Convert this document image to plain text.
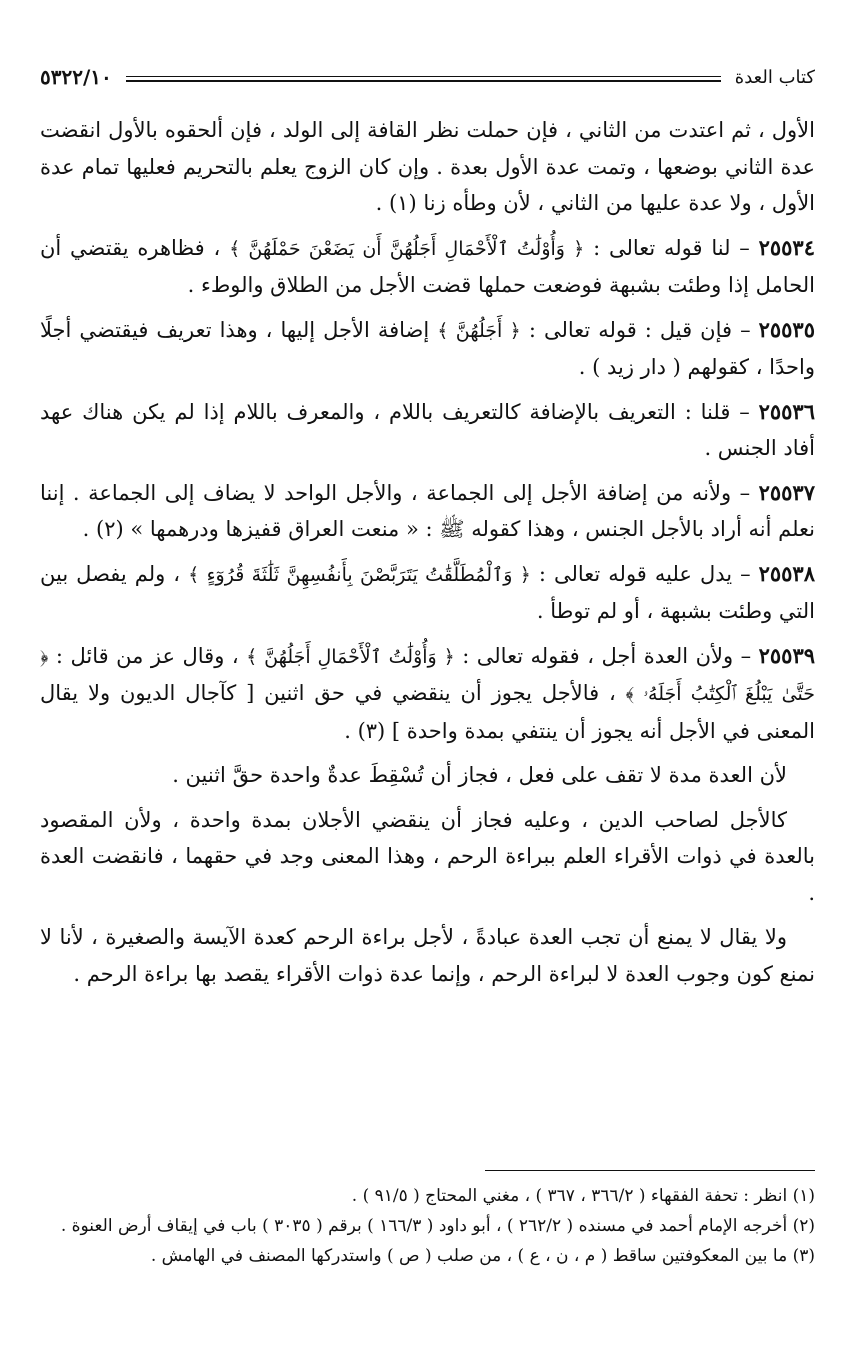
كتاب العدة
٥٣٢٢/١٠

الأول ، ثم اعتدت من الثاني ، فإن حملت نظر القافة إلى الولد ، فإن ألحقوه بالأول انقضت عدة الثاني بوضعها ، وتمت عدة الأول بعدة . وإن كان الزوج يعلم بالتحريم فعليها تمام عدة الأول ، ولا عدة عليها من الثاني ، لأن وطأه زنا (١) .

٢٥٥٣٤ – لنا قوله تعالى : ﴿ وَأُوْلَٰتُ ٱلْأَحْمَالِ أَجَلُهُنَّ أَن يَضَعْنَ حَمْلَهُنَّ ﴾ ، فظاهره يقتضي أن الحامل إذا وطئت بشبهة فوضعت حملها قضت الأجل من الطلاق والوطء .

٢٥٥٣٥ – فإن قيل : قوله تعالى : ﴿ أَجَلُهُنَّ ﴾ إضافة الأجل إليها ، وهذا تعريف فيقتضي أجلًا واحدًا ، كقولهم ( دار زيد ) .

٢٥٥٣٦ – قلنا : التعريف بالإضافة كالتعريف باللام ، والمعرف باللام إذا لم يكن هناك عهد أفاد الجنس .

٢٥٥٣٧ – ولأنه من إضافة الأجل إلى الجماعة ، والأجل الواحد لا يضاف إلى الجماعة . إننا نعلم أنه أراد بالأجل الجنس ، وهذا كقوله ﷺ : « منعت العراق قفيزها ودرهمها » (٢) .

٢٥٥٣٨ – يدل عليه قوله تعالى : ﴿ وَٱلْمُطَلَّقَٰتُ يَتَرَبَّصْنَ بِأَنفُسِهِنَّ ثَلَٰثَةَ قُرُوٓءٍ ﴾ ، ولم يفصل بين التي وطئت بشبهة ، أو لم توطأ .

٢٥٥٣٩ – ولأن العدة أجل ، فقوله تعالى : ﴿ وَأُوْلَٰتُ ٱلْأَحْمَالِ أَجَلُهُنَّ ﴾ ، وقال عز من قائل : ﴿ حَتَّىٰ يَبْلُغَ ٱلْكِتَٰبُ أَجَلَهُۥ ﴾ ، فالأجل يجوز أن ينقضي في حق اثنين [ كآجال الديون ولا يقال المعنى في الأجل أنه يجوز أن ينتفي بمدة واحدة ] (٣) .

لأن العدة مدة لا تقف على فعل ، فجاز أن تُسْقِطَ عدةٌ واحدة حقَّ اثنين .

كالأجل لصاحب الدين ، وعليه فجاز أن ينقضي الأجلان بمدة واحدة ، ولأن المقصود بالعدة في ذوات الأقراء العلم ببراءة الرحم ، وهذا المعنى وجد في حقهما ، فانقضت العدة .

ولا يقال لا يمنع أن تجب العدة عبادةً ، لأجل براءة الرحم كعدة الآيسة والصغيرة ، لأنا لا نمنع كون وجوب العدة لا لبراءة الرحم ، وإنما عدة ذوات الأقراء يقصد بها براءة الرحم .

(١) انظر : تحفة الفقهاء ( ٣٦٦/٢ ، ٣٦٧ ) ، مغني المحتاج ( ٩١/٥ ) .

(٢) أخرجه الإمام أحمد في مسنده ( ٢٦٢/٢ ) ، أبو داود ( ١٦٦/٣ ) برقم ( ٣٠٣٥ ) باب في إيقاف أرض العنوة .

(٣) ما بين المعكوفتين ساقط ( م ، ن ، ع ) ، من صلب ( ص ) واستدركها المصنف في الهامش .
